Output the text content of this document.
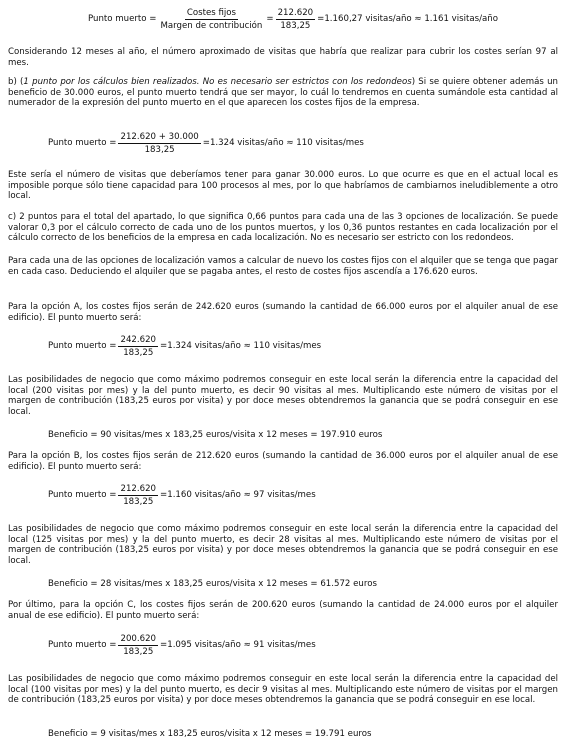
Punto muerto = $\frac{\text{Costes fijos}}{\text{Margen de contribución}} = \frac{212.620}{183,25} =1.160,27$ visitas/año ≈ 1.161 visitas/año

Considerando 12 meses al año, el número aproximado de visitas que habría que realizar para cubrir los costes serían 97 al mes.

b) (1 punto por los cálculos bien realizados. No es necesario ser estrictos con los redondeos) Si se quiere obtener además un beneficio de 30.000 euros, el punto muerto tendrá que ser mayor, lo cuál lo tendremos en cuenta sumándole esta cantidad al numerador de la expresión del punto muerto en el que aparecen los costes fijos de la empresa.

Punto muerto = $\frac{212.620 + 30.000}{183,25} =1.324$ visitas/año ≈ 110 visitas/mes

Este sería el número de visitas que deberíamos tener para ganar 30.000 euros. Lo que ocurre es que en el actual local es imposible porque sólo tiene capacidad para 100 procesos al mes, por lo que habríamos de cambiarnos ineludiblemente a otro local.

c) 2 puntos para el total del apartado, lo que significa 0,66 puntos para cada una de las 3 opciones de localización. Se puede valorar 0,3 por el cálculo correcto de cada uno de los puntos muertos, y los 0,36 puntos restantes en cada localización por el cálculo correcto de los beneficios de la empresa en cada localización. No es necesario ser estricto con los redondeos.

Para cada una de las opciones de localización vamos a calcular de nuevo los costes fijos con el alquiler que se tenga que pagar en cada caso. Deduciendo el alquiler que se pagaba antes, el resto de costes fijos ascendía a 176.620 euros.

Para la opción A, los costes fijos serán de 242.620 euros (sumando la cantidad de 66.000 euros por el alquiler anual de ese edificio). El punto muerto será:

Punto muerto = $\frac{242.620}{183,25} =1.324$ visitas/año ≈ 110 visitas/mes

Las posibilidades de negocio que como máximo podremos conseguir en este local serán la diferencia entre la capacidad del local (200 visitas por mes) y la del punto muerto, es decir 90 visitas al mes. Multiplicando este número de visitas por el margen de contribución (183,25 euros por visita) y por doce meses obtendremos la ganancia que se podrá conseguir en ese local.

Beneficio = 90 visitas/mes x 183,25 euros/visita x 12 meses = 197.910 euros

Para la opción B, los costes fijos serán de 212.620 euros (sumando la cantidad de 36.000 euros por el alquiler anual de ese edificio). El punto muerto será:

Punto muerto = $\frac{212.620}{183,25} =1.160$ visitas/año ≈ 97 visitas/mes

Las posibilidades de negocio que como máximo podremos conseguir en este local serán la diferencia entre la capacidad del local (125 visitas por mes) y la del punto muerto, es decir 28 visitas al mes. Multiplicando este número de visitas por el margen de contribución (183,25 euros por visita) y por doce meses obtendremos la ganancia que se podrá conseguir en ese local.

Beneficio = 28 visitas/mes x 183,25 euros/visita x 12 meses = 61.572 euros

Por último, para la opción C, los costes fijos serán de 200.620 euros (sumando la cantidad de 24.000 euros por el alquiler anual de ese edificio). El punto muerto será:

Punto muerto = $\frac{200.620}{183,25} =1.095$ visitas/año ≈ 91 visitas/mes

Las posibilidades de negocio que como máximo podremos conseguir en este local serán la diferencia entre la capacidad del local (100 visitas por mes) y la del punto muerto, es decir 9 visitas al mes. Multiplicando este número de visitas por el margen de contribución (183,25 euros por visita) y por doce meses obtendremos la ganancia que se podrá conseguir en ese local.

Beneficio = 9 visitas/mes x 183,25 euros/visita x 12 meses = 19.791 euros
